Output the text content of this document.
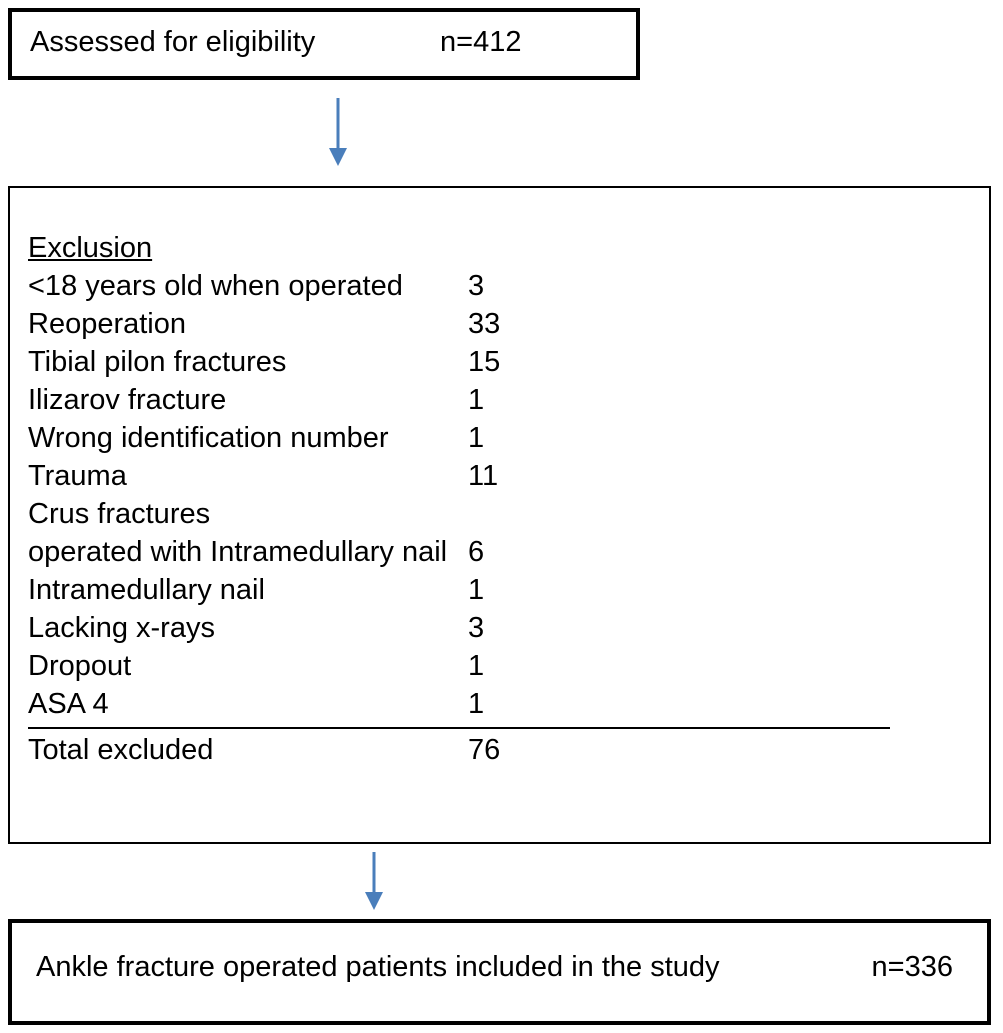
Assessed for eligibility	n=412
Exclusion
<18 years old when operated	3
Reoperation	33
Tibial pilon fractures	15
Ilizarov fracture	1
Wrong identification number	1
Trauma	11
Crus fractures
operated with Intramedullary nail 6
Intramedullary nail	1
Lacking x-rays	3
Dropout	1
ASA 4	1
Total excluded	76
Ankle fracture operated patients included in the study	n=336
